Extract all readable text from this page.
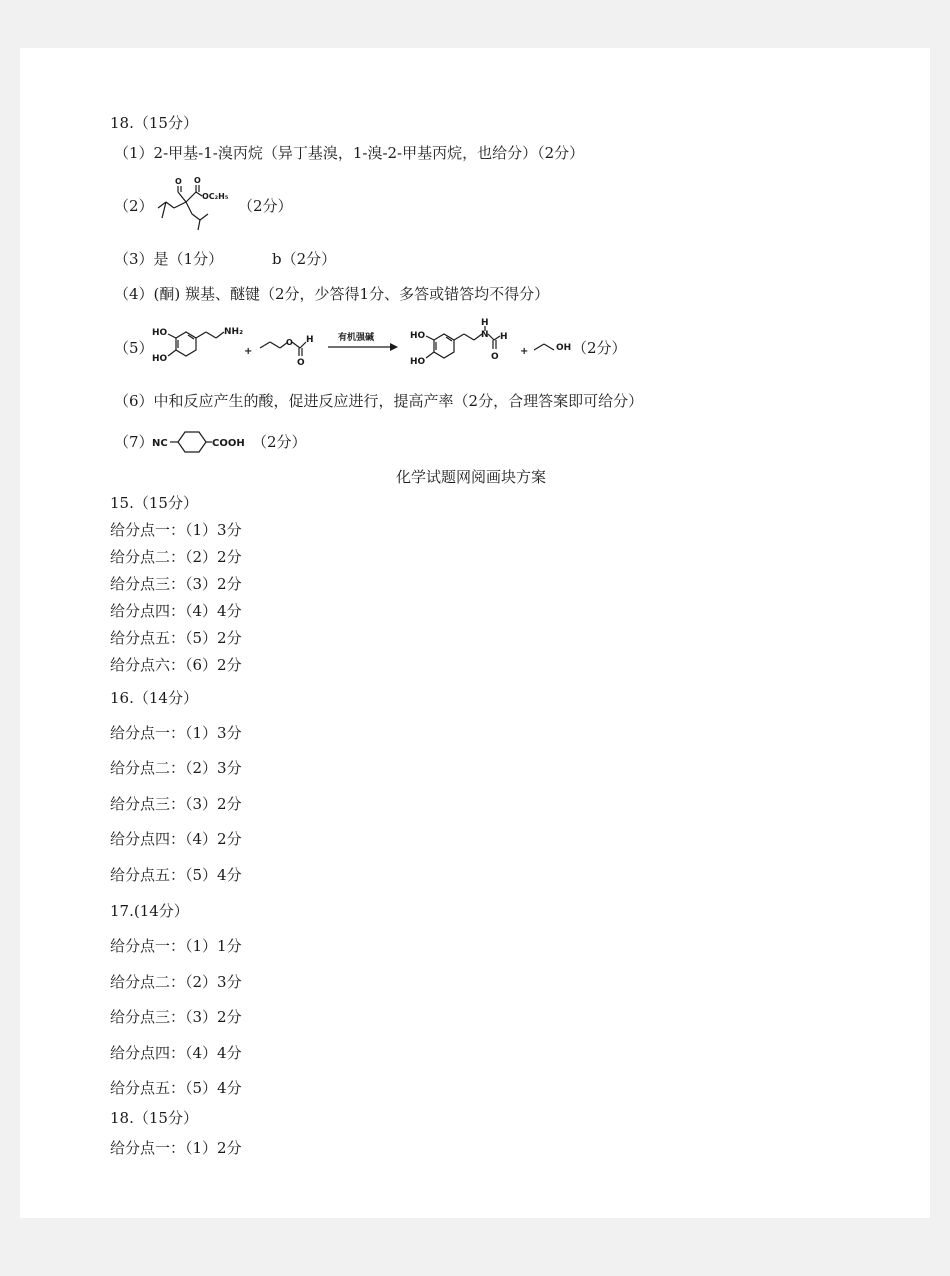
18.（15分）
（1）2-甲基-1-溴丙烷（异丁基溴，1-溴-2-甲基丙烷，也给分）（2分）
（2）
O O
OC₂H₅
（2分）
（3）是（1分）	b（2分）
（4）(酮) 羰基、醚键（2分，少答得1分、多答或错答均不得分）
（5）
HO
HO
NH₂
+
O H
O
有机强碱	HO
HO
H
N H
O +	OH （2分）
（6）中和反应产生的酸，促进反应进行，提高产率（2分，合理答案即可给分）
（7）
NC	COOH （2分）
化学试题网阅画块方案
15.（15分）
给分点一：（1）3分
给分点二：（2）2分
给分点三：（3）2分
给分点四：（4）4分
给分点五：（5）2分
给分点六：（6）2分
16.（14分）
给分点一：（1）3分
给分点二：（2）3分
给分点三：（3）2分
给分点四：（4）2分
给分点五：（5）4分
17.(14分）
给分点一：（1）1分
给分点二：（2）3分
给分点三：（3）2分
给分点四：（4）4分
给分点五：（5）4分
18.（15分）
给分点一：（1）2分
